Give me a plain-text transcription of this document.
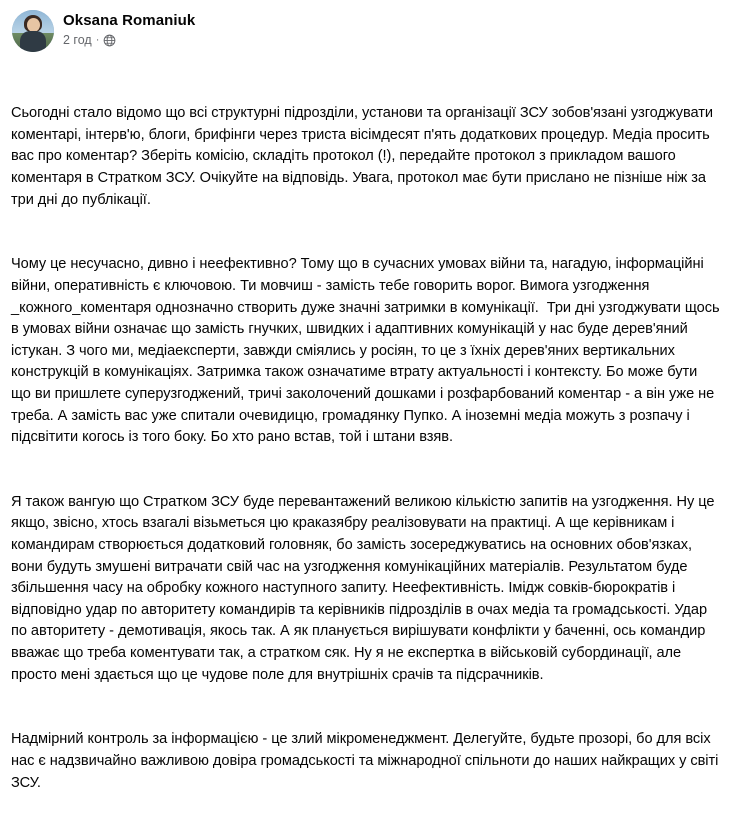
Oksana Romaniuk
2 год ·

Сьогодні стало відомо що всі структурні підрозділи, установи та організації ЗСУ зобов'язані узгоджувати коментарі, інтерв'ю, блоги, брифінги через триста вісімдесят п'ять додаткових процедур. Медіа просить вас про коментар? Зберіть комісію, складіть протокол (!), передайте протокол з прикладом вашого коментаря в Стратком ЗСУ. Очікуйте на відповідь. Увага, протокол має бути прислано не пізніше ніж за три дні до публікації.

Чому це несучасно, дивно і неефективно? Тому що в сучасних умовах війни та, нагадую, інформаційні війни, оперативність є ключовою. Ти мовчиш - замість тебе говорить ворог. Вимога узгодження _кожного_коментаря однозначно створить дуже значні затримки в комунікації.  Три дні узгоджувати щось в умовах війни означає що замість гнучких, швидких і адаптивних комунікацій у нас буде дерев'яний істукан. З чого ми, медіаексперти, завжди сміялись у росіян, то це з їхніх дерев'яних вертикальних конструкцій в комунікаціях. Затримка також означатиме втрату актуальності і контексту. Бо може бути що ви пришлете суперузгоджений, тричі заколочений дошками і розфарбований коментар - а він уже не треба. А замість вас уже спитали очевидицю, громадянку Пупко. А іноземні медіа можуть з розпачу і підсвітити когось із того боку. Бо хто рано встав, той і штани взяв.

Я також вангую що Стратком ЗСУ буде перевантажений великою кількістю запитів на узгодження. Ну це якщо, звісно, хтось взагалі візьметься цю краказябру реалізовувати на практиці. А ще керівникам і командирам створюється додатковий головняк, бо замість зосереджуватись на основних обов'язках, вони будуть змушені витрачати свій час на узгодження комунікаційних матеріалів. Результатом буде збільшення часу на обробку кожного наступного запиту. Неефективність. Імідж совків-бюрократів і відповідно удар по авторитету командирів та керівників підрозділів в очах медіа та громадськості. Удар по авторитету - демотивація, якось так. А як планується вирішувати конфлікти у баченні, ось командир вважає що треба коментувати так, а стратком сяк. Ну я не експертка в військовій субординації, але просто мені здається що це чудове поле для внутрішніх срачів та підсрачників.

Надмірний контроль за інформацією - це злий мікроменеджмент. Делегуйте, будьте прозорі, бо для всіх нас є надзвичайно важливою довіра громадськості та міжнародної спільноти до наших найкращих у світі ЗСУ.
